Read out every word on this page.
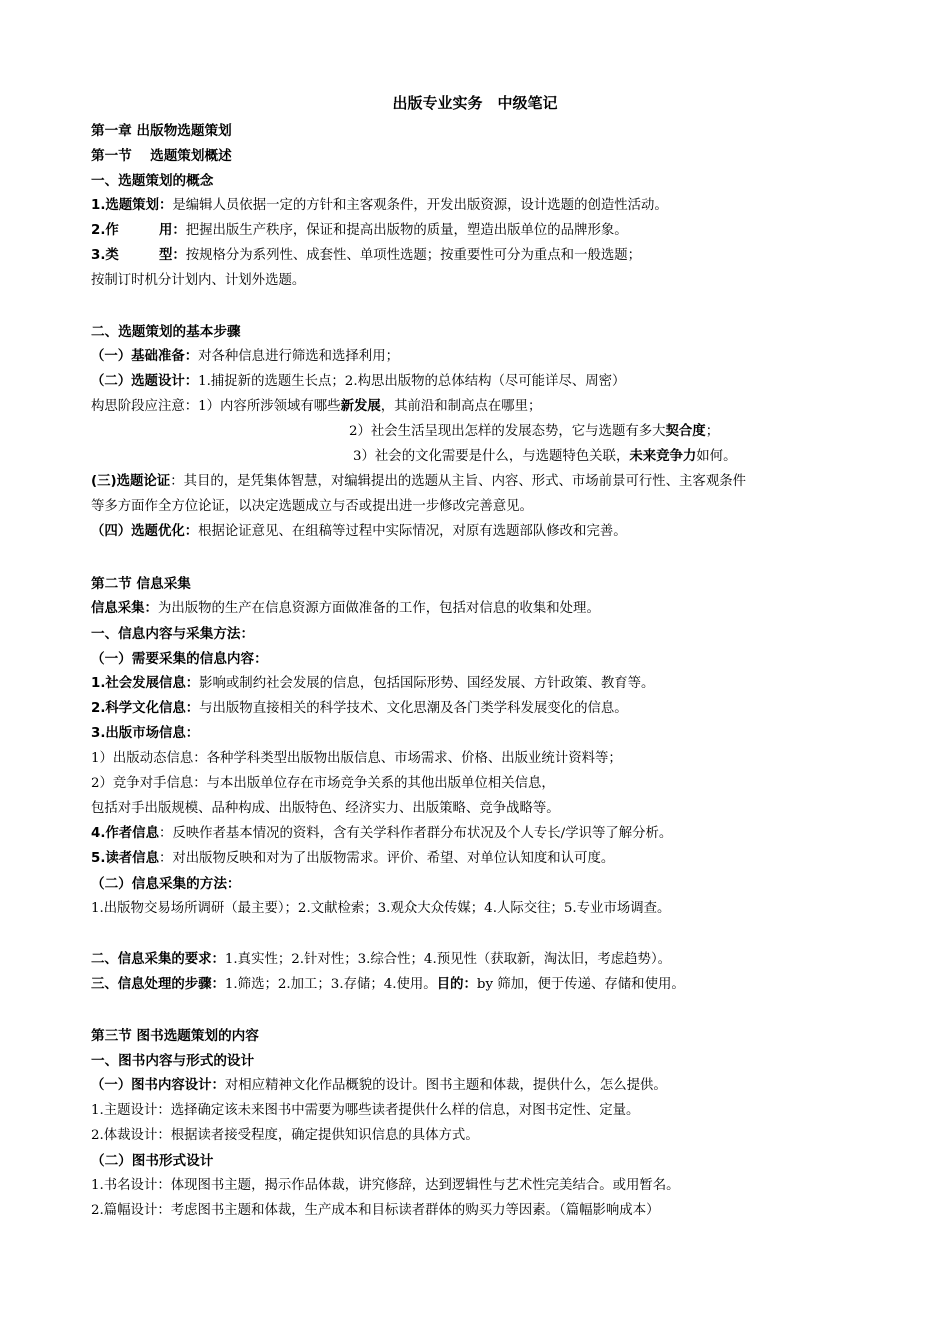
出版专业实务　中级笔记
第一章 出版物选题策划
第一节　 选题策划概述
一、选题策划的概念
1.选题策划：是编辑人员依据一定的方针和主客观条件，开发出版资源，设计选题的创造性活动。
2.作　　　用：把握出版生产秩序，保证和提高出版物的质量，塑造出版单位的品牌形象。
3.类　　　型：按规格分为系列性、成套性、单项性选题；按重要性可分为重点和一般选题；
按制订时机分计划内、计划外选题。
二、选题策划的基本步骤
（一）基础准备：对各种信息进行筛选和选择利用；
（二）选题设计：1.捕捉新的选题生长点；2.构思出版物的总体结构（尽可能详尽、周密）
构思阶段应注意：1）内容所涉领域有哪些新发展，其前沿和制高点在哪里；
2）社会生活呈现出怎样的发展态势，它与选题有多大契合度；
3）社会的文化需要是什么，与选题特色关联，未来竞争力如何。
(三)选题论证：其目的，是凭集体智慧，对编辑提出的选题从主旨、内容、形式、市场前景可行性、主客观条件
等多方面作全方位论证，以决定选题成立与否或提出进一步修改完善意见。
（四）选题优化：根据论证意见、在组稿等过程中实际情况，对原有选题部队修改和完善。
第二节 信息采集
信息采集：为出版物的生产在信息资源方面做准备的工作，包括对信息的收集和处理。
一、信息内容与采集方法：
（一）需要采集的信息内容：
1.社会发展信息：影响或制约社会发展的信息，包括国际形势、国经发展、方针政策、教育等。
2.科学文化信息：与出版物直接相关的科学技术、文化思潮及各门类学科发展变化的信息。
3.出版市场信息：
1）出版动态信息：各种学科类型出版物出版信息、市场需求、价格、出版业统计资料等；
2）竞争对手信息：与本出版单位存在市场竞争关系的其他出版单位相关信息，
包括对手出版规模、品种构成、出版特色、经济实力、出版策略、竞争战略等。
4.作者信息：反映作者基本情况的资料，含有关学科作者群分布状况及个人专长/学识等了解分析。
5.读者信息：对出版物反映和对为了出版物需求。评价、希望、对单位认知度和认可度。
（二）信息采集的方法：
1.出版物交易场所调研（最主要）；2.文献检索；3.观众大众传媒；4.人际交往；5.专业市场调查。
二、信息采集的要求：1.真实性；2.针对性；3.综合性；4.预见性（获取新，淘汰旧，考虑趋势）。
三、信息处理的步骤：1.筛选；2.加工；3.存储；4.使用。目的：by 筛加，便于传递、存储和使用。
第三节 图书选题策划的内容
一、图书内容与形式的设计
（一）图书内容设计：对相应精神文化作品概貌的设计。图书主题和体裁，提供什么，怎么提供。
1.主题设计：选择确定该未来图书中需要为哪些读者提供什么样的信息，对图书定性、定量。
2.体裁设计：根据读者接受程度，确定提供知识信息的具体方式。
（二）图书形式设计
1.书名设计：体现图书主题，揭示作品体裁，讲究修辞，达到逻辑性与艺术性完美结合。或用暂名。
2.篇幅设计：考虑图书主题和体裁，生产成本和目标读者群体的购买力等因素。（篇幅影响成本）
